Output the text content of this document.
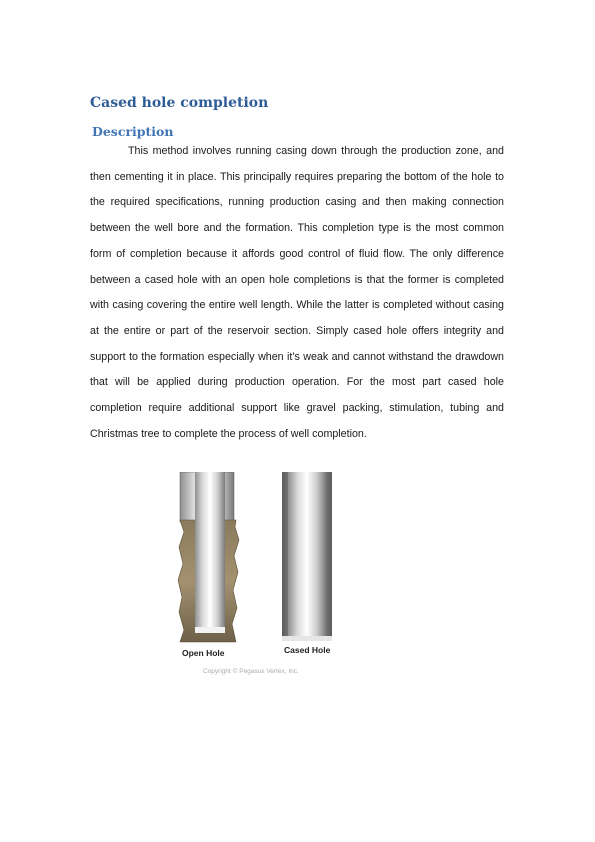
Cased hole completion
Description

This method involves running casing down through the production zone, and then cementing it in place. This principally requires preparing the bottom of the hole to the required specifications, running production casing and then making connection between the well bore and the formation. This completion type is the most common form of completion because it affords good control of fluid flow. The only difference between a cased hole with an open hole completions is that the former is completed with casing covering the entire well length. While the latter is completed without casing at the entire or part of the reservoir section. Simply cased hole offers integrity and support to the formation especially when it's weak and cannot withstand the drawdown that will be applied during production operation. For the most part cased hole completion require additional support like gravel packing, stimulation, tubing and Christmas tree to complete the process of well completion.

Open Hole	Cased Hole
Copyright © Pegasus Vertex, Inc.
